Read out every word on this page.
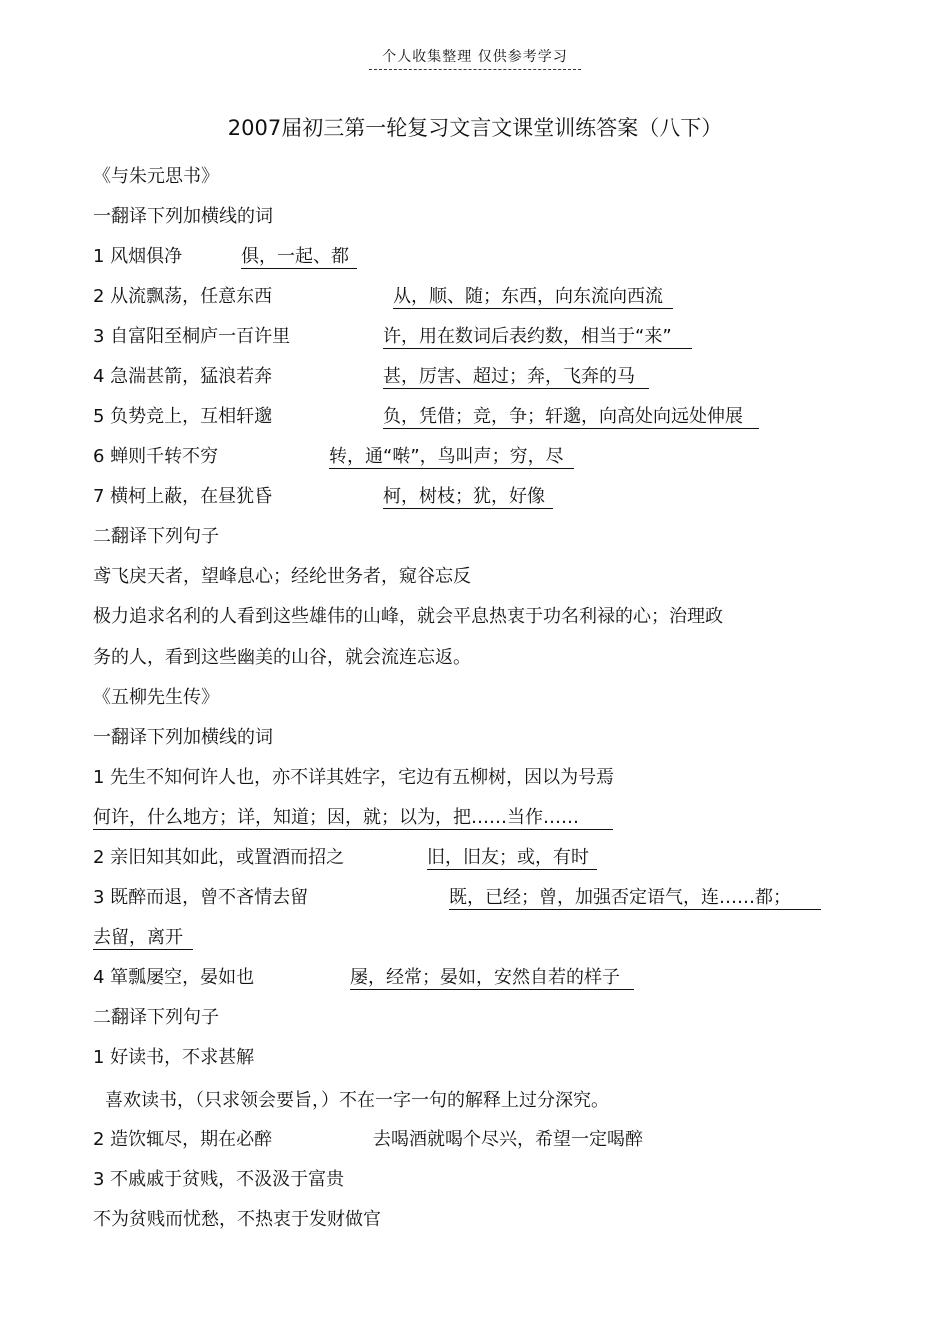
个人收集整理 仅供参考学习
2007届初三第一轮复习文言文课堂训练答案（八下）
《与朱元思书》
一翻译下列加横线的词
1 风烟俱净	俱，一起、都
2 从流飘荡，任意东西	从，顺、随；东西，向东流向西流
3 自富阳至桐庐一百许里	许，用在数词后表约数，相当于“来”
4 急湍甚箭，猛浪若奔	甚，厉害、超过；奔，飞奔的马
5 负势竞上，互相轩邈	负，凭借；竞，争；轩邈，向高处向远处伸展
6 蝉则千转不穷	转，通“啭”，鸟叫声；穷，尽
7 横柯上蔽，在昼犹昏	柯，树枝；犹，好像
二翻译下列句子
鸢飞戾天者，望峰息心；经纶世务者，窥谷忘反
极力追求名利的人看到这些雄伟的山峰，就会平息热衷于功名利禄的心；治理政
务的人，看到这些幽美的山谷，就会流连忘返。
《五柳先生传》
一翻译下列加横线的词
1 先生不知何许人也，亦不详其姓字，宅边有五柳树，因以为号焉
何许，什么地方；详，知道；因，就；以为，把……当作……
2 亲旧知其如此，或置酒而招之	旧，旧友；或，有时
3 既醉而退，曾不吝情去留	既，已经；曾，加强否定语气，连……都；
去留，离开
4 箪瓢屡空，晏如也	屡，经常；晏如，安然自若的样子
二翻译下列句子
1 好读书，不求甚解
喜欢读书，（只求领会要旨，）不在一字一句的解释上过分深究。
2 造饮辄尽，期在必醉	去喝酒就喝个尽兴，希望一定喝醉
3 不戚戚于贫贱，不汲汲于富贵
不为贫贱而忧愁，不热衷于发财做官
